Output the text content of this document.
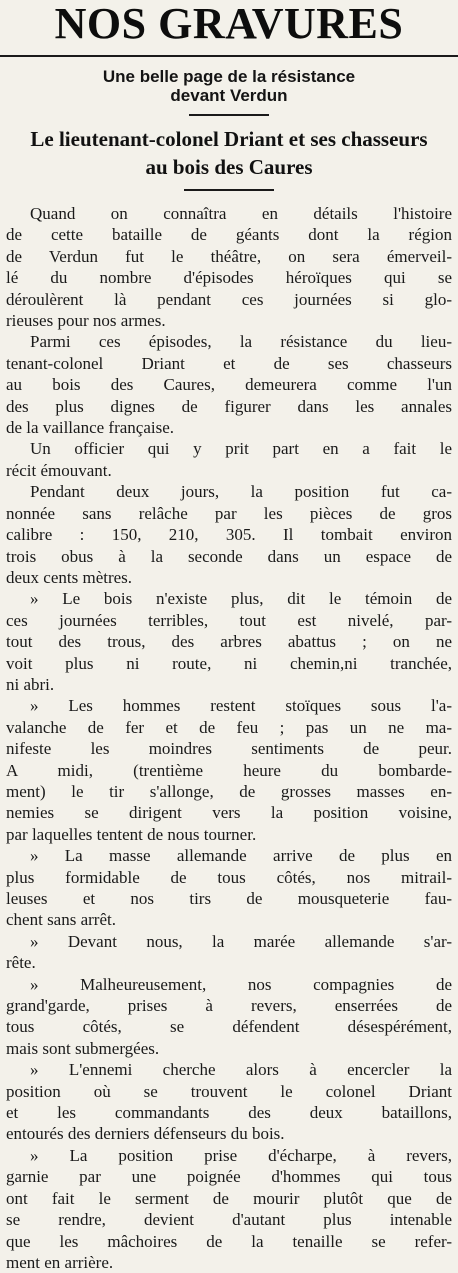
NOS GRAVURES
Une belle page de la résistance
devant Verdun
Le lieutenant-colonel Driant et ses chasseurs
au bois des Caures
Quand on connaîtra en détails l'histoire
de cette bataille de géants dont la région
de Verdun fut le théâtre, on sera émerveil-
lé du nombre d'épisodes héroïques qui se
déroulèrent là pendant ces journées si glo-
rieuses pour nos armes.
Parmi ces épisodes, la résistance du lieu-
tenant-colonel Driant et de ses chasseurs
au bois des Caures, demeurera comme l'un
des plus dignes de figurer dans les annales
de la vaillance française.
Un officier qui y prit part en a fait le
récit émouvant.
Pendant deux jours, la position fut ca-
nonnée sans relâche par les pièces de gros
calibre : 150, 210, 305. Il tombait environ
trois obus à la seconde dans un espace de
deux cents mètres.
» Le bois n'existe plus, dit le témoin de
ces journées terribles, tout est nivelé, par-
tout des trous, des arbres abattus ; on ne
voit plus ni route, ni chemin,ni tranchée,
ni abri.
» Les hommes restent stoïques sous l'a-
valanche de fer et de feu ; pas un ne ma-
nifeste les moindres sentiments de peur.
A midi, (trentième heure du bombarde-
ment) le tir s'allonge, de grosses masses en-
nemies se dirigent vers la position voisine,
par laquelles tentent de nous tourner.
» La masse allemande arrive de plus en
plus formidable de tous côtés, nos mitrail-
leuses et nos tirs de mousqueterie fau-
chent sans arrêt.
» Devant nous, la marée allemande s'ar-
rête.
» Malheureusement, nos compagnies de
grand'garde, prises à revers, enserrées de
tous côtés, se défendent désespérément,
mais sont submergées.
» L'ennemi cherche alors à encercler la
position où se trouvent le colonel Driant
et les commandants des deux bataillons,
entourés des derniers défenseurs du bois.
» La position prise d'écharpe, à revers,
garnie par une poignée d'hommes qui tous
ont fait le serment de mourir plutôt que de
se rendre, devient d'autant plus intenable
que les mâchoires de la tenaille se refer-
ment en arrière.
